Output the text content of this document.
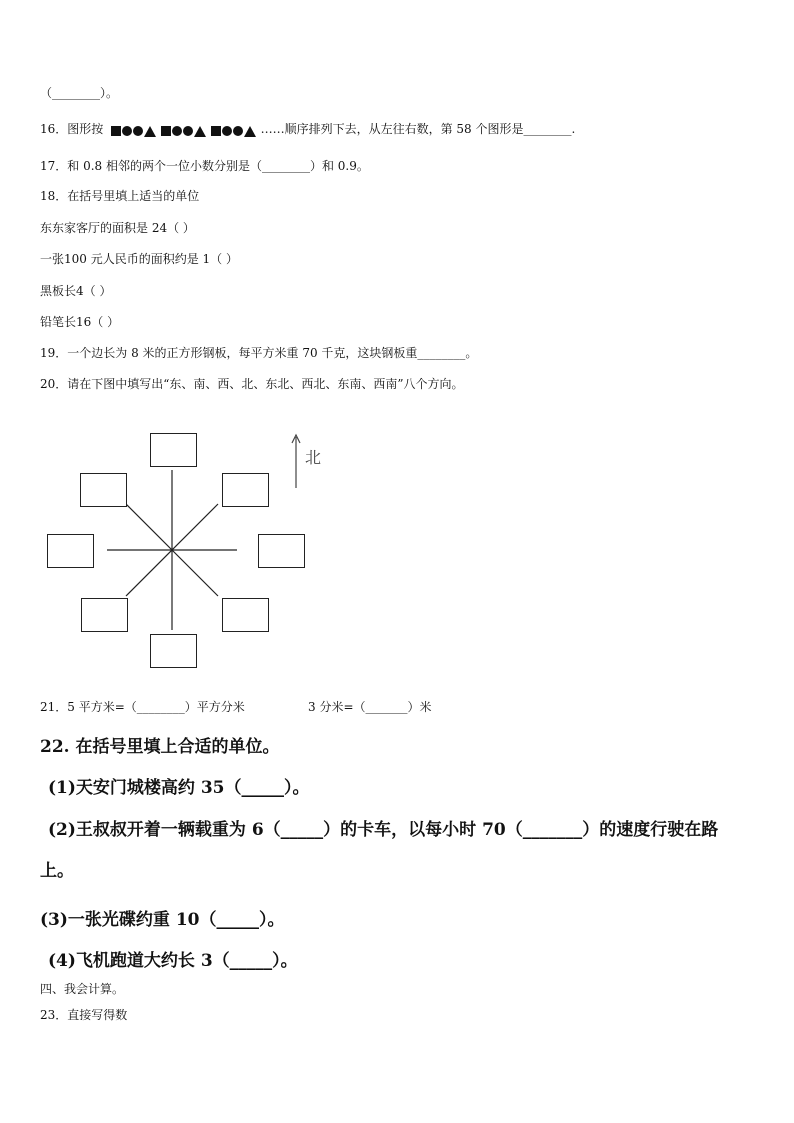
（________）。
16．图形按	……顺序排列下去，从左往右数，第 58 个图形是________.
17．和 0.8 相邻的两个一位小数分别是（________）和 0.9。
18．在括号里填上适当的单位
东东家客厅的面积是 24（ ）
一张100 元人民币的面积约是 1（ ）
黑板长4（ ）
铅笔长16（ ）
19．一个边长为 8 米的正方形钢板，每平方米重 70 千克，这块钢板重________。
20．请在下图中填写出“东、南、西、北、东北、西北、东南、西南”八个方向。
北
21．5 平方米=（________）平方分米	3 分米=（_______）米
22. 在括号里填上合适的单位。
(1)天安门城楼高约 35（_____）。
(2)王叔叔开着一辆载重为 6（_____）的卡车，以每小时 70（_______）的速度行驶在路
上。
(3)一张光碟约重 10（_____）。
(4)飞机跑道大约长 3（_____）。
四、我会计算。
23．直接写得数
